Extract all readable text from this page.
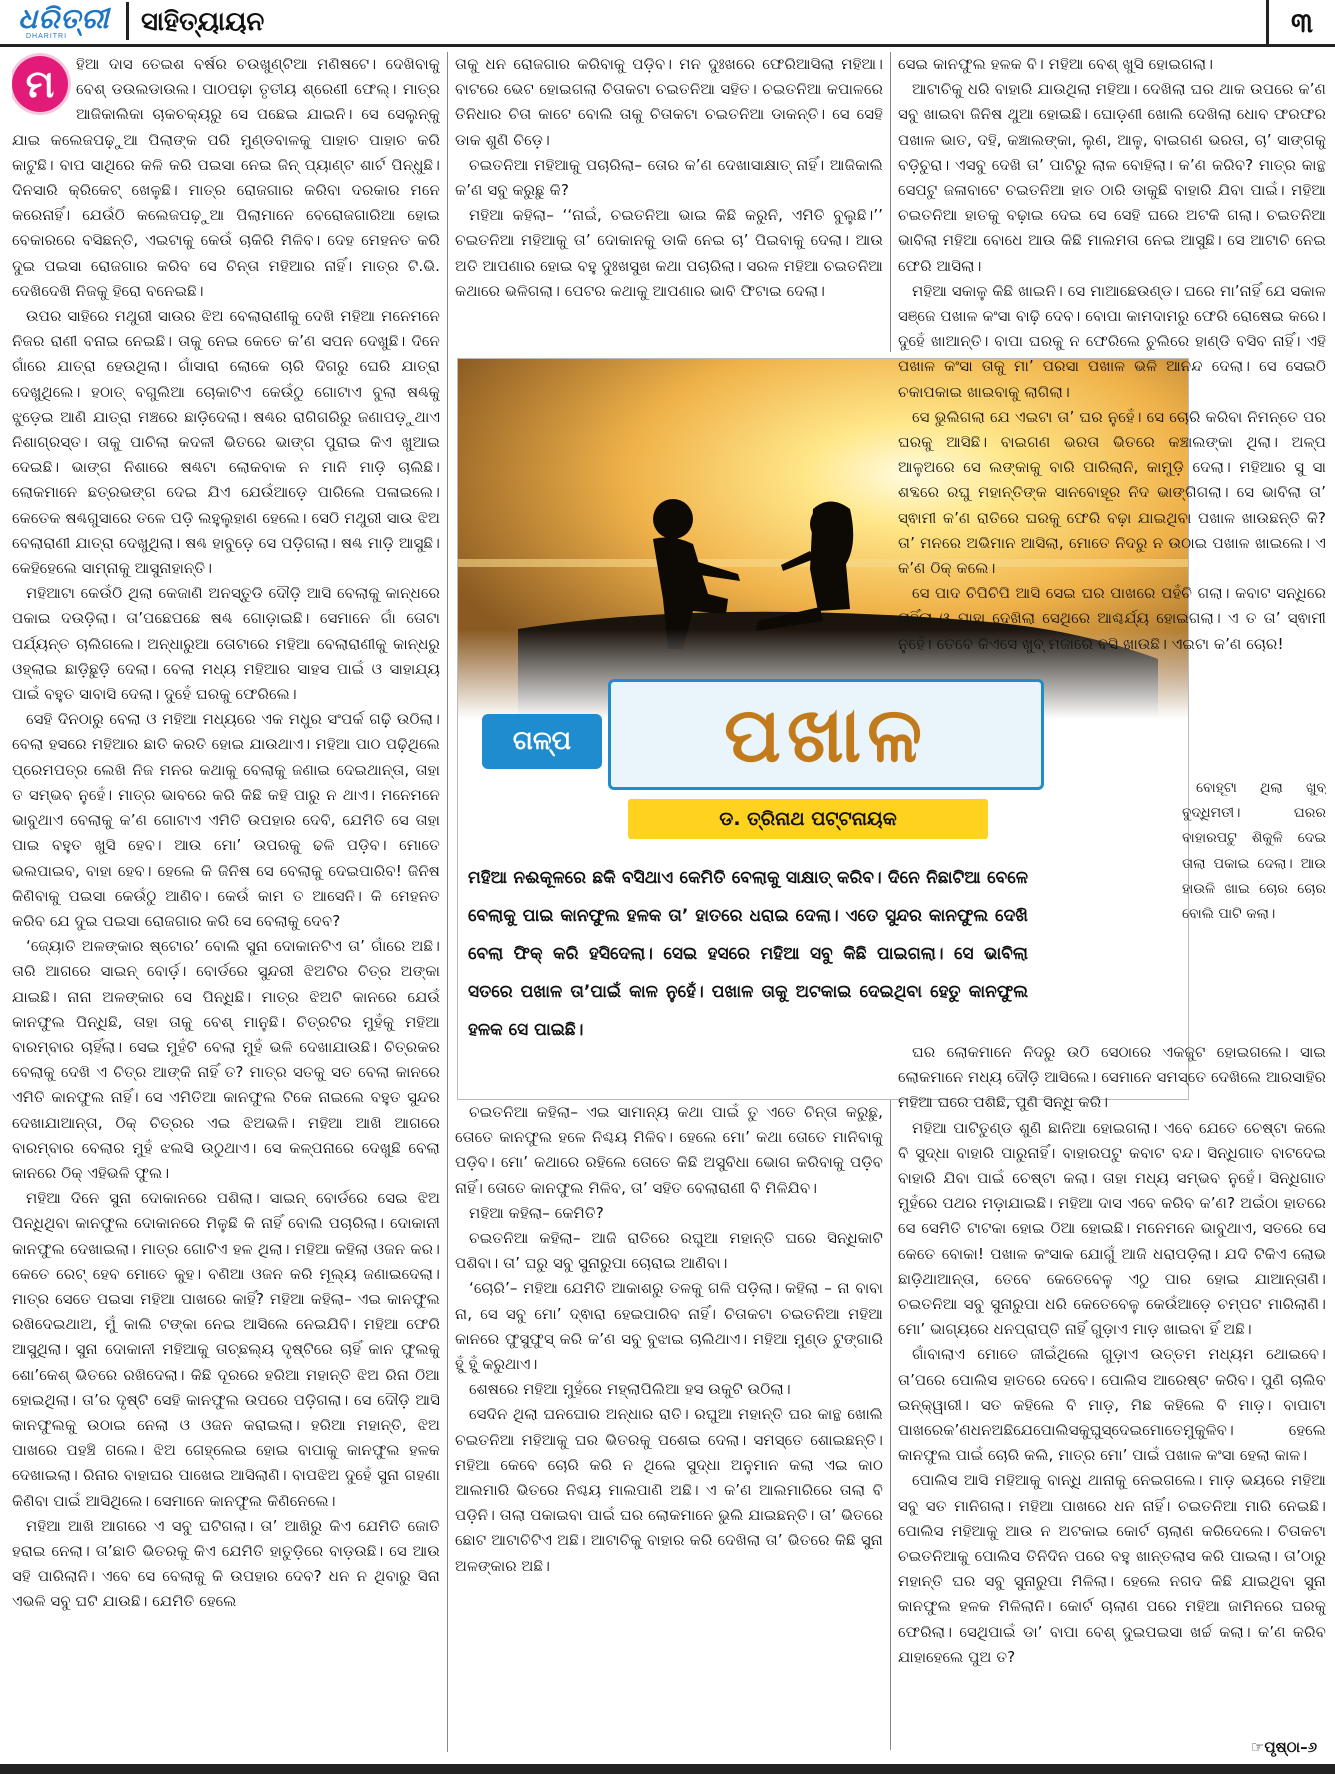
ଧରିତ୍ରୀ
DHARITRI	ସାହିତ୍ୟାୟନ	୩
ମ	ହିଆ ଦାସ ତେଇଶ ବର୍ଷର ଚଉଖୁଣ୍ଟିଆ ମଣିଷଟେ। ଦେଖିବାକୁ ବେଶ୍ ଡଉଲଡାଉଲ। ପାଠପଢ଼ା ତୃତୀୟ ଶ୍ରେଣୀ ଫେଲ୍। ମାତ୍ର ଆଜିକାଲିକା ଚାକଚକ୍ୟରୁ ସେ ପଛେଇ ଯାଇନି। ସେ ସେଲୁନ୍‌କୁ ଯାଇ କଲେଜପଢ଼ୁଆ ପିଲାଙ୍କ ପରି ମୁଣ୍ଡବାଳକୁ ପାହାଚ ପାହାଚ କରି କାଟୁଛି। ବାପ ସାଥିରେ କଳି କରି ପଇସା ନେଇ ଜିନ୍ ପ୍ୟାଣ୍ଟ ଶାର୍ଟ ପିନ୍ଧୁଛି। ଦିନସାରି କ୍ରିକେଟ୍ ଖେଳୁଛି। ମାତ୍ର ରୋଜଗାର କରିବା ଦରକାର ମନେ କରେନାହିଁ। ଯେଉଁଠି କଲେଜପଢ଼ୁଆ ପିଲାମାନେ ବେରୋଜଗାରିଆ ହୋଇ ବେକାରରେ ବସିଛନ୍ତି, ଏଇଟାକୁ କେଉଁ ଚାକିରି ମିଳିବ। ଦେହ ମେହନତ କରି ଦୁଇ ପଇସା ରୋଜଗାର କରିବ ସେ ଚିନ୍ତା ମହିଆର ନାହିଁ। ମାତ୍ର ଟି.ଭି. ଦେଖିଦେଖି ନିଜକୁ ହିରୋ ବନେଇଛି।

ଉପର ସାହିରେ ମଥୁରୀ ସାଉର ଝିଅ ବେଲାରାଣୀକୁ ଦେଖି ମହିଆ ମନେମନେ ନିଜର ରାଣୀ ବନାଇ ନେଇଛି। ତାକୁ ନେଇ କେତେ କ’ଣ ସପନ ଦେଖୁଛି। ଦିନେ ଗାଁରେ ଯାତ୍ରା ହେଉଥିଲା। ଗାଁସାରା ଲୋକେ ଚାରି ଦିଗରୁ ଘେରି ଯାତ୍ରା ଦେଖୁଥିଲେ। ହଠାତ୍ ବଗୁଲିଆ ଚୋକାଟିଏ କେଉଁଠୁ ଗୋଟାଏ ବୁଲା ଷଣ୍ଢକୁ ଝୁଡ଼େଇ ଆଣି ଯାତ୍ରା ମଞ୍ଚରେ ଛାଡ଼ିଦେଲା। ଷଣ୍ଢର ରାଗିଗରିରୁ ଜଣାପଡ଼ୁଥାଏ ନିଶାଗ୍ରସ୍ତ। ତାକୁ ପାଚିଲା କଦଳୀ ଭିତରେ ଭାଙ୍ଗ ପୁରାଇ କିଏ ଖୁଆଇ ଦେଇଛି। ଭାଙ୍ଗ ନିଶାରେ ଷଣ୍ଢଟା ଲୋକବାକ ନ ମାନି ମାଡ଼ି ଚାଲିଛି। ଲୋକମାନେ ଛତ୍ରଭଙ୍ଗ ଦେଇ ଯିଏ ଯେଉଁଆଡ଼େ ପାରିଲେ ପଳାଇଲେ। କେତେକ ଷଣ୍ଢଗୁସାରେ ତଳେ ପଡ଼ି ଲହୁଲୁହାଣ ହେଲେ। ସେଠି ମଥୁରୀ ସାଉ ଝିଅ ବେଲାରାଣୀ ଯାତ୍ରା ଦେଖୁଥିଲା। ଷଣ୍ଢ ହାବୁଡ଼େ ସେ ପଡ଼ିଗଲା। ଷଣ୍ଢ ମାଡ଼ି ଆସୁଛି। କେହିହେଲେ ସାମ୍ନାକୁ ଆସୁନାହାନ୍ତି।

ମହିଆଟା କେଉଁଠି ଥିଲା କେଜାଣି ଅନସ୍ତୁଡି ଦୌଡ଼ି ଆସି ବେଲାକୁ କାନ୍ଧରେ ପକାଇ ଦଉଡ଼ିଲା। ତା’ପଛେପଛେ ଷଣ୍ଢ ଗୋଡ଼ାଇଛି। ସେମାନେ ଗାଁ ତୋଟା ପର୍ଯ୍ୟନ୍ତ ଚାଲିଗଲେ। ଅନ୍ଧାରୁଆ ତୋଟାରେ ମହିଆ ବେଲାରାଣୀକୁ କାନ୍ଧରୁ ଓହ୍ଲାଇ ଛାଡ଼ିଛୁଡ଼ି ଦେଲା। ବେଲା ମଧ୍ୟ ମହିଆର ସାହସ ପାଇଁ ଓ ସାହାଯ୍ୟ ପାଇଁ ବହୁତ ସାବାସି ଦେଲା। ଦୁହେଁ ଘରକୁ ଫେରିଲେ।

ସେହି ଦିନଠାରୁ ବେଲା ଓ ମହିଆ ମଧ୍ୟରେ ଏକ ମଧୁର ସଂପର୍କ ଗଢ଼ି ଉଠିଲା। ବେଲା ହସରେ ମହିଆର ଛାତି କରତି ହୋଇ ଯାଉଥାଏ। ମହିଆ ପାଠ ପଢ଼ିଥିଲେ ପ୍ରେମପତ୍ର ଲେଖି ନିଜ ମନର କଥାକୁ ବେଲାକୁ ଜଣାଇ ଦେଇଥାନ୍ତା, ତାହା ତ ସମ୍ଭବ ନୁହେଁ। ମାତ୍ର ଭାବରେ କରି କିଛି କହି ପାରୁ ନ ଥାଏ। ମନେମନେ ଭାବୁଥାଏ ବେଲାକୁ କ’ଣ ଗୋଟାଏ ଏମିତି ଉପହାର ଦେବି, ଯେମିତି ସେ ତାହା ପାଇ ବହୁତ ଖୁସି ହେବ। ଆଉ ମୋ’ ଉପରକୁ ଢଳି ପଡ଼ିବ। ମୋତେ ଭଲପାଇବ, ବାହା ହେବ। ହେଲେ କି ଜିନିଷ ସେ ବେଲାକୁ ଦେଇପାରିବ! ଜିନିଷ କିଣିବାକୁ ପଇସା କେଉଁଠୁ ଆଣିବ। କେଉଁ କାମ ତ ଆସେନି। କି ମେହନତ କରିବ ଯେ ଦୁଇ ପଇସା ରୋଜଗାର କରି ସେ ବେଲାକୁ ଦେବ?

‘ଜ୍ୟୋତି ଅଳଙ୍କାର ଷ୍ଟୋର’ ବୋଲି ସୁନା ଦୋକାନଟିଏ ତା’ ଗାଁରେ ଅଛି। ତାରି ଆଗରେ ସାଇନ୍ ବୋର୍ଡ଼। ବୋର୍ଡରେ ସୁନ୍ଦରୀ ଝିଅଟିର ଚିତ୍ର ଅଙ୍କା ଯାଇଛି। ନାନା ଅଳଙ୍କାର ସେ ପିନ୍ଧିଛି। ମାତ୍ର ଝିଅଟି କାନରେ ଯେଉଁ କାନଫୁଲ ପିନ୍ଧିଛି, ତାହା ତାକୁ ବେଶ୍ ମାନୁଛି। ଚିତ୍ରଟିର ମୁହଁକୁ ମହିଆ ବାରମ୍ବାର ଚାହିଁଲା। ସେଇ ମୁହଁଟି ବେଲା ମୁହଁ ଭଳି ଦେଖାଯାଉଛି। ଚିତ୍ରକର ବେଲାକୁ ଦେଖି ଏ ଚିତ୍ର ଆଙ୍କି ନାହିଁ ତ? ମାତ୍ର ସତକୁ ସତ ବେଲା କାନରେ ଏମିତି କାନଫୁଲ ନାହିଁ। ସେ ଏମିତିଆ କାନଫୁଲ ଟିକେ ନାଇଲେ ବହୁତ ସୁନ୍ଦର ଦେଖାଯାଆନ୍ତା, ଠିକ୍ ଚିତ୍ରର ଏଇ ଝିଅଭଳି। ମହିଆ ଆଖି ଆଗରେ ବାରମ୍ବାର ବେଲାର ମୁହଁ ଝଲସି ଉଠୁଥାଏ। ସେ କଳ୍ପନାରେ ଦେଖୁଛି ବେଲା କାନରେ ଠିକ୍ ଏହିଭଳି ଫୁଲ।

ମହିଆ ଦିନେ ସୁନା ଦୋକାନରେ ପଶିଲା। ସାଇନ୍ ବୋର୍ଡରେ ସେଇ ଝିଅ ପିନ୍ଧିଥିବା କାନଫୁଲ ଦୋକାନରେ ମିଳୁଛି କି ନାହିଁ ବୋଲି ପଚାରିଲା। ଦୋକାନୀ କାନଫୁଲ ଦେଖାଇଲା। ମାତ୍ର ଗୋଟିଏ ହଳ ଥିଲା। ମହିଆ କହିଲା ଓଜନ କର। କେତେ ରେଟ୍ ହେବ ମୋତେ କୁହ। ବଣିଆ ଓଜନ କରି ମୂଲ୍ୟ ଜଣାଇଦେଲା। ମାତ୍ର ସେତେ ପଇସା ମହିଆ ପାଖରେ କାହିଁ? ମହିଆ କହିଲା– ଏଇ କାନଫୁଲ ରଖିଦେଇଥାଅ, ମୁଁ କାଲି ଟଙ୍କା ନେଇ ଆସିଲେ ନେଇଯିବି। ମହିଆ ଫେରି ଆସୁଥିଲା। ସୁନା ଦୋକାନୀ ମହିଆକୁ ତାଚ୍ଛଲ୍ୟ ଦୃଷ୍ଟିରେ ଚାହିଁ କାନ ଫୁଲକୁ ଶୋ’କେଶ୍ ଭିତରେ ରଖିଦେଲା। କିଛି ଦୂରରେ ହରିଆ ମହାନ୍ତି ଝିଅ ରିନା ଠିଆ ହୋଇଥିଲା। ତା’ର ଦୃଷ୍ଟି ସେହି କାନଫୁଲ ଉପରେ ପଡ଼ିଗଲା। ସେ ଦୌଡ଼ି ଆସି କାନଫୁଲକୁ ଉଠାଇ ନେଲା ଓ ଓଜନ କରାଇଲା। ହରିଆ ମହାନ୍ତି, ଝିଅ ପାଖରେ ପହଞ୍ଚି ଗଲେ। ଝିଅ ଗେହ୍ଲେଇ ହୋଇ ବାପାକୁ କାନଫୁଲ ହଳକ ଦେଖାଇଲା। ରିନାର ବାହାଘର ପାଖେଇ ଆସିଲାଣି। ବାପଝିଅ ଦୁହେଁ ସୁନା ଗହଣା କିଣିବା ପାଇଁ ଆସିଥିଲେ। ସେମାନେ କାନଫୁଲ କିଣିନେଲେ।

ମହିଆ ଆଖି ଆଗରେ ଏ ସବୁ ଘଟିଗଲା। ତା’ ଆଖିରୁ କିଏ ଯେମିତି ଜୋତି ହରାଇ ନେଲା। ତା’ଛାତି ଭିତରକୁ କିଏ ଯେମିତି ହାତୁଡ଼ିରେ ବାଡ଼ଉଛି। ସେ ଆଉ ସହି ପାରିଲାନି। ଏବେ ସେ ବେଲାକୁ କି ଉପହାର ଦେବ? ଧନ ନ ଥିବାରୁ ସିନା ଏଭଳି ସବୁ ଘଟି ଯାଉଛି। ଯେମିତି ହେଲେ

ତାକୁ ଧନ ରୋଜଗାର କରିବାକୁ ପଡ଼ିବ। ମନ ଦୁଃଖରେ ଫେରିଆସିଲା ମହିଆ। ବାଟରେ ଭେଟ ହୋଇଗଲା ଚିତାକଟା ଚଇତନିଆ ସହିତ। ଚଇତନିଆ କପାଳରେ ତିନିଧାର ଚିତା କାଟେ ବୋଲି ତାକୁ ଚିତାକଟା ଚଇତନିଆ ଡାକନ୍ତି। ସେ ସେହି ଡାକ ଶୁଣି ଚିଡ଼େ।

ଚଇତନିଆ ମହିଆକୁ ପଚାରିଲା– ତୋର କ’ଣ ଦେଖାସାକ୍ଷାତ୍ ନାହିଁ। ଆଜିକାଲି କ’ଣ ସବୁ କରୁଛୁ କି?

ମହିଆ କହିଲା– ‘‘ନାଇଁ, ଚଇତନିଆ ଭାଇ କିଛି କରୁନି, ଏମିତି ବୁଲୁଛି।’’ ଚଇତନିଆ ମହିଆକୁ ତା’ ଦୋକାନକୁ ଡାକି ନେଇ ଚା’ ପିଇବାକୁ ଦେଲା। ଆଉ ଅତି ଆପଣାର ହୋଇ ବହୁ ଦୁଃଖସୁଖ କଥା ପଚାରିଲା। ସରଳ ମହିଆ ଚଇତନିଆ କଥାରେ ଭଳିଗଲା। ପେଟର କଥାକୁ ଆପଣାର ଭାବି ଫିଟାଇ ଦେଲା।

ଗଳ୍ପ	ପଖାଳ
ଡ. ତ୍ରିନାଥ ପଟ୍ଟନାୟକ
ମହିଆ ନଈକୂଳରେ ଛକି ବସିଥାଏ କେମିତି ବେଲାକୁ ସାକ୍ଷାତ୍ କରିବ। ଦିନେ ନିଛାଟିଆ ବେଳେ ବେଲାକୁ ପାଇ କାନଫୁଲ ହଳକ ତା’ ହାତରେ ଧରାଇ ଦେଲା। ଏତେ ସୁନ୍ଦର କାନଫୁଲ ଦେଖି ବେଲା ଫିକ୍ କରି ହସିଦେଲା। ସେଇ ହସରେ ମହିଆ ସବୁ କିଛି ପାଇଗଲା। ସେ ଭାବିଲା ସତରେ ପଖାଳ ତା’ପାଇଁ କାଳ ନୁହେଁ। ପଖାଳ ତାକୁ ଅଟକାଇ ଦେଇଥିବା ହେତୁ କାନଫୁଲ ହଳକ ସେ ପାଇଛି।

ଚଇତନିଆ କହିଲା– ଏଇ ସାମାନ୍ୟ କଥା ପାଇଁ ତୁ ଏତେ ଚିନ୍ତା କରୁଛୁ, ତୋତେ କାନଫୁଲ ହଳେ ନିଶ୍ଚୟ ମିଳିବ। ହେଲେ ମୋ’ କଥା ତୋତେ ମାନିବାକୁ ପଡ଼ିବ। ମୋ’ କଥାରେ ରହିଲେ ତୋତେ କିଛି ଅସୁବିଧା ଭୋଗ କରିବାକୁ ପଡ଼ିବ ନାହିଁ। ତୋତେ କାନଫୁଲ ମିଳିବ, ତା’ ସହିତ ବେଲାରାଣୀ ବି ମିଳିଯିବ।

ମହିଆ କହିଲା– କେମିତି?

ଚଇତନିଆ କହିଲା– ଆଜି ରାତିରେ ରଘୁଆ ମହାନ୍ତି ଘରେ ସିନ୍ଧିକାଟି ପଶିବା। ତା’ ଘରୁ ସବୁ ସୁନାରୁପା ଚୋରାଇ ଆଣିବା।

‘ଚୋରି’– ମହିଆ ଯେମିତି ଆକାଶରୁ ତଳକୁ ଗଳି ପଡ଼ିଲା। କହିଲା – ନା ବାବା ନା, ସେ ସବୁ ମୋ’ ଦ୍ଵାରା ହେଇପାରିବ ନାହିଁ। ଚିତାକଟା ଚଇତନିଆ ମହିଆ କାନରେ ଫୁସୁଫୁସ୍ କରି କ’ଣ ସବୁ ବୁଝାଇ ଚାଲିଥାଏ। ମହିଆ ମୁଣ୍ଡ ଟୁଙ୍ଗାରି ହୁଁ ହୁଁ କରୁଥାଏ।

ଶେଷରେ ମହିଆ ମୁହଁରେ ମହ୍ଲାପିଲିଆ ହସ ଉକୁଟି ଉଠିଲା।

ସେଦିନ ଥିଲା ଘନଘୋର ଅନ୍ଧାର ରାତି। ରଘୁଆ ମହାନ୍ତି ଘର କାନ୍ଥ ଖୋଲି ଚଇତନିଆ ମହିଆକୁ ଘର ଭିତରକୁ ପଶେଇ ଦେଲା। ସମସ୍ତେ ଶୋଇଛନ୍ତି। ମହିଆ କେବେ ଚୋରି କରି ନ ଥିଲେ ସୁଦ୍ଧା ଅନୁମାନ କଲା ଏଇ କାଠ ଆଲମାରି ଭିତରେ ନିଶ୍ଚୟ ମାଲପାଣି ଅଛି। ଏ କ’ଣ ଆଲମାରିରେ ତାଲା ବି ପଡ଼ିନି। ତାଲା ପକାଇବା ପାଇଁ ଘର ଲୋକମାନେ ଭୁଲି ଯାଇଛନ୍ତି। ତା’ ଭିତରେ ଛୋଟ ଆଟାଚିଟିଏ ଅଛି। ଆଟାଚିକୁ ବାହାର କରି ଦେଖିଲା ତା’ ଭିତରେ କିଛି ସୁନା ଅଳଙ୍କାର ଅଛି।

ସେଇ କାନଫୁଲ ହଳକ ବି। ମହିଆ ବେଶ୍ ଖୁସି ହୋଇଗଲା।

ଆଟାଚିକୁ ଧରି ବାହାରି ଯାଉଥିଲା ମହିଆ। ଦେଖିଲା ଘର ଥାକ ଉପରେ କ’ଣ ସବୁ ଖାଇବା ଜିନିଷ ଥୁଆ ହୋଇଛି। ଘୋଡ଼ଣୀ ଖୋଲି ଦେଖିଲା ଧୋବ ଫରଫର ପଖାଳ ଭାତ, ଦହି, କଞ୍ଚାଲଙ୍କା, ଲୁଣ, ଆଳୁ, ବାଇଗଣ ଭରତା, ଚା’ ସାଙ୍ଗକୁ ବଡ଼ିଚୁରା। ଏସବୁ ଦେଖି ତା’ ପାଟିରୁ ଲାଳ ବୋହିଲା। କ’ଣ କରିବ? ମାତ୍ର କାନ୍ଥ ସେପଟୁ ଜଳାବାଟେ ଚଇତନିଆ ହାତ ଠାରି ଡାକୁଛି ବାହାରି ଯିବା ପାଇଁ। ମହିଆ ଚଇତନିଆ ହାତକୁ ବଢ଼ାଇ ଦେଇ ସେ ସେହି ଘରେ ଅଟକି ଗଲା। ଚଇତନିଆ ଭାବିଲା ମହିଆ ବୋଧେ ଆଉ କିଛି ମାଲମତା ନେଇ ଆସୁଛି। ସେ ଆଟାଚି ନେଇ ଫେରି ଆସିଲା।

ମହିଆ ସକାଳୁ କିଛି ଖାଇନି। ସେ ମାଆଛେଉଣ୍ଡ। ଘରେ ମା’ନାହିଁ ଯେ ସକାଳ ସଞ୍ଜେ ପଖାଳ କଂସା ବାଢ଼ି ଦେବ। ବୋପା କାମଦାମରୁ ଫେରି ରୋଷେଇ କରେ। ଦୁହେଁ ଖାଆନ୍ତି। ବାପା ଘରକୁ ନ ଫେରିଲେ ଚୁଲିରେ ହାଣ୍ଡି ବସିବ ନାହିଁ। ଏହି ପଖାଳ କଂସା ତାକୁ ମା’ ପରସା ପଖାଳ ଭଳି ଆନନ୍ଦ ଦେଲା। ସେ ସେଇଠି ଚକାପକାଇ ଖାଇବାକୁ ଲାଗିଲା।

ସେ ଭୁଲିଗଲା ଯେ ଏଇଟା ତା’ ଘର ନୁହେଁ। ସେ ଚୋରି କରିବା ନିମନ୍ତେ ପର ଘରକୁ ଆସିଛି। ବାଇଗଣ ଭରତା ଭିତରେ କଞ୍ଚାଲଙ୍କା ଥିଲା। ଅଳ୍ପ ଆଳୁଅରେ ସେ ଲଙ୍କାକୁ ବାରି ପାରିଲାନି, କାମୁଡ଼ି ଦେଲା। ମହିଆର ସୁ ସା ଶବ୍ଦରେ ରଘୁ ମହାନ୍ତିଙ୍କ ସାନବୋହୂର ନିଦ ଭାଙ୍ଗିଗଲା। ସେ ଭାବିଲା ତା’ ସ୍ଵାମୀ କ’ଣ ରାତିରେ ଘରକୁ ଫେରି ବଢ଼ା ଯାଇଥିବା ପଖାଳ ଖାଉଛନ୍ତି କି? ତା’ ମନରେ ଅଭିମାନ ଆସିଲା, ମୋତେ ନିଦରୁ ନ ଉଠାଇ ପଖାଳ ଖାଇଲେ। ଏ କ’ଣ ଠିକ୍ କଲେ।

ସେ ପାଦ ଚିପିଚିପି ଆସି ସେଇ ଘର ପାଖରେ ପହଁଚି ଗଲା। କବାଟ ସନ୍ଧିରେ ଚାହିଁଲା ଓ ଯାହା ଦେଖିଲା ସେଥିରେ ଆଶ୍ଚର୍ଯ୍ୟ ହୋଇଗଲା। ଏ ତ ତା’ ସ୍ଵାମୀ ନୁହେଁ। ତେବେ କିଏସେ ଖୁବ୍ ମଜାରେ ବସି ଖାଉଛି। ଏଇଟା କ’ଣ ଚୋର!

ବୋହୂଟା ଥିଲା ଖୁବ୍ ବୁଦ୍ଧିମତୀ। ଘରର ବାହାରପଟୁ ଶିକୁଳି ଦେଇ ତାଲା ପକାଇ ଦେଲା। ଆଉ ହାଉଳି ଖାଇ ଚୋର ଚୋର ବୋଲି ପାଟି କଲା।

ଘର ଲୋକମାନେ ନିଦରୁ ଉଠି ସେଠାରେ ଏକଜୁଟ ହୋଇଗଲେ। ସାଇ ଲୋକମାନେ ମଧ୍ୟ ଦୌଡ଼ି ଆସିଲେ। ସେମାନେ ସମସ୍ତେ ଦେଖିଲେ ଆରସାହିର ମହିଆ ଘରେ ପଶିଛି, ପୁଣି ସିନ୍ଧି କରି।

ମହିଆ ପାଟିତୁଣ୍ଡ ଶୁଣି ଛାନିଆ ହୋଇଗଲା। ଏବେ ଯେତେ ଚେଷ୍ଟା କଲେ ବି ସୁଦ୍ଧା ବାହାରି ପାରୁନାହିଁ। ବାହାରପଟୁ କବାଟ ବନ୍ଦ। ସିନ୍ଧିଗାତ ବାଟଦେଇ ବାହାରି ଯିବା ପାଇଁ ଚେଷ୍ଟା କଲା। ତାହା ମଧ୍ୟ ସମ୍ଭବ ନୁହେଁ। ସିନ୍ଧିଗାତ ମୁହଁରେ ପଥର ମଡ଼ାଯାଇଛି। ମହିଆ ଦାସ ଏବେ କରିବ କ’ଣ? ଅଇଁଠା ହାତରେ ସେ ସେମିତି ଟାଟକା ହୋଇ ଠିଆ ହୋଇଛି। ମନେମନେ ଭାବୁଥାଏ, ସତରେ ସେ କେତେ ବୋକା! ପଖାଳ କଂସାକ ଯୋଗୁଁ ଆଜି ଧରାପଡ଼ିଲା। ଯଦି ଟିକିଏ ଲୋଭ ଛାଡ଼ିଥାଆନ୍ତା, ତେବେ କେତେବେଳୁ ଏଠୁ ପାର ହୋଇ ଯାଆନ୍ତାଣି। ଚଇତନିଆ ସବୁ ସୁନାରୁପା ଧରି କେତେବେଳୁ କେଉଁଆଡ଼େ ଚମ୍ପଟ ମାରିଲାଣି। ମୋ’ ଭାଗ୍ୟରେ ଧନପ୍ରାପ୍ତି ନାହିଁ ଗୁଡ଼ାଏ ମାଡ଼ ଖାଇବା ହିଁ ଅଛି।

ଗାଁବାଲାଏ ମୋତେ ଜୀଇଁଥିଲେ ଗୁଡ଼ାଏ ଉତ୍ତମ ମଧ୍ୟମ ଥୋଇବେ। ତା’ପରେ ପୋଲିସ ହାତରେ ଦେବେ। ପୋଲିସ ଆରେଷ୍ଟ କରିବ। ପୁଣି ଚାଲିବ ଇନ୍‌କ୍ୱାରୀ। ସତ କହିଲେ ବି ମାଡ଼, ମିଛ କହିଲେ ବି ମାଡ଼। ବାପାଟା ପାଖରେକ’ଣଧନଅଛିଯେପୋଲିସକୁଘୁସ୍‌ଦେଇମୋତେମୁକୁଳିବ। ହେଲେ କାନଫୁଲ ପାଇଁ ଚୋରି କଲି, ମାତ୍ର ମୋ’ ପାଇଁ ପଖାଳ କଂସା ହେଲା କାଳ।

ପୋଲିସ ଆସି ମହିଆକୁ ବାନ୍ଧି ଥାନାକୁ ନେଇଗଲେ। ମାଡ଼ ଭୟରେ ମହିଆ ସବୁ ସତ ମାନିଗଲା। ମହିଆ ପାଖରେ ଧନ ନାହିଁ। ଚଇତନିଆ ମାରି ନେଇଛି। ପୋଲିସ ମହିଆକୁ ଆଉ ନ ଅଟକାଇ କୋର୍ଟ ଚାଲାଣ କରିଦେଲେ। ଚିତାକଟା ଚଇତନିଆକୁ ପୋଲିସ ତିନିଦିନ ପରେ ବହୁ ଖାନ୍ତଲାସ କରି ପାଇଲା। ତା’ଠାରୁ ମହାନ୍ତି ଘର ସବୁ ସୁନାରୁପା ମିଳିଲା। ହେଲେ ନଗଦ କିଛି ଯାଇଥିବା ସୁନା କାନଫୁଲ ହଳକ ମିଳିଲାନି। କୋର୍ଟ ଚାଲାଣ ପରେ ମହିଆ ଜାମିନରେ ଘରକୁ ଫେରିଲା। ସେଥିପାଇଁ ଡା’ ବାପା ବେଶ୍ ଦୁଇପଇସା ଖର୍ଚ୍ଚ କଲା। କ’ଣ କରିବ ଯାହାହେଲେ ପୁଅ ତ?

☞ପୃଷ୍ଠା–୬
